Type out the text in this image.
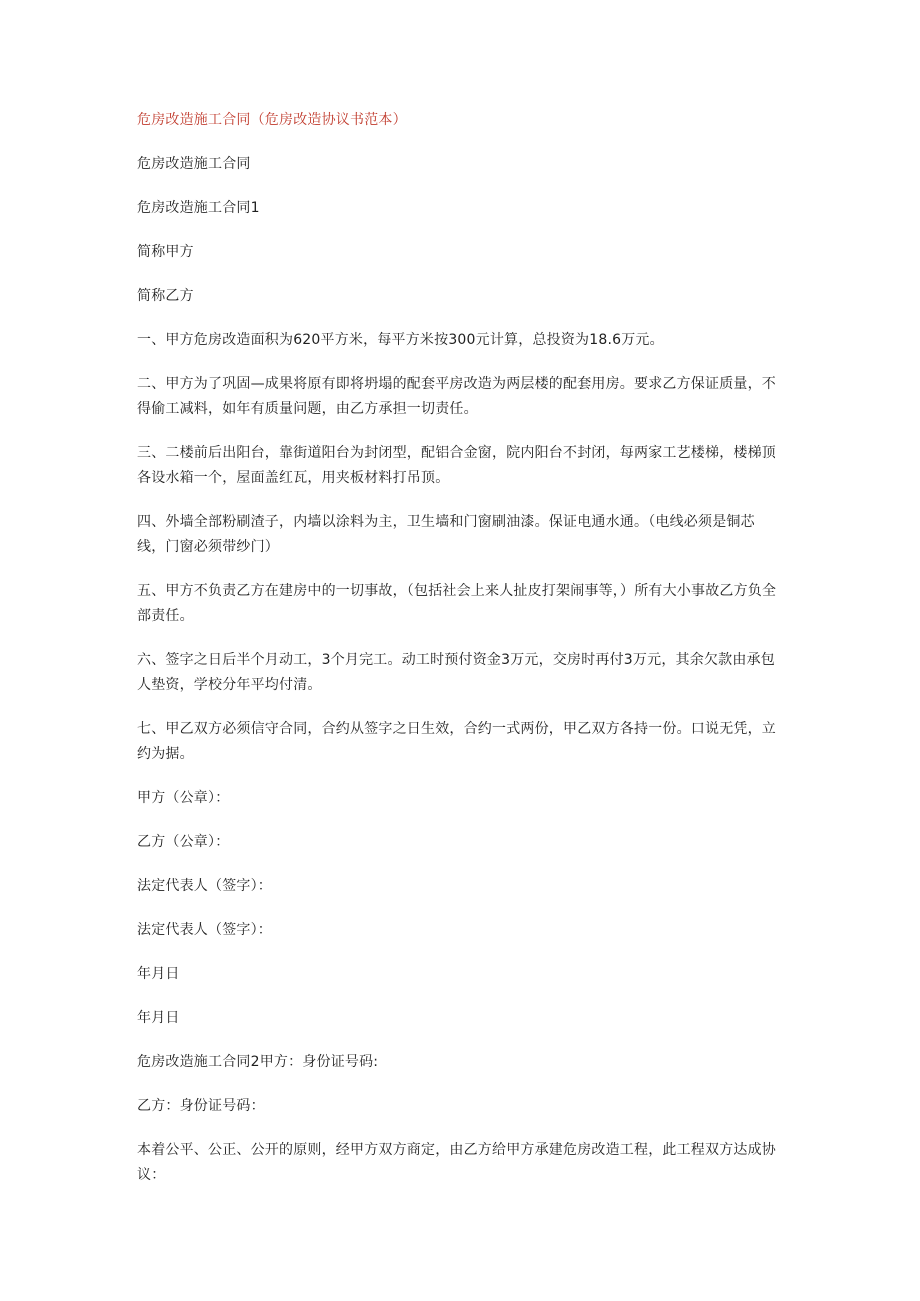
危房改造施工合同（危房改造协议书范本）

危房改造施工合同

危房改造施工合同1

简称甲方

简称乙方

一、甲方危房改造面积为620平方米，每平方米按300元计算，总投资为18.6万元。

二、甲方为了巩固—成果将原有即将坍塌的配套平房改造为两层楼的配套用房。要求乙方保证质量，不得偷工减料，如年有质量问题，由乙方承担一切责任。

三、二楼前后出阳台，靠街道阳台为封闭型，配铝合金窗，院内阳台不封闭，每两家工艺楼梯，楼梯顶各设水箱一个，屋面盖红瓦，用夹板材料打吊顶。

四、外墙全部粉刷渣子，内墙以涂料为主，卫生墙和门窗刷油漆。保证电通水通。（电线必须是铜芯线，门窗必须带纱门）

五、甲方不负责乙方在建房中的一切事故，（包括社会上来人扯皮打架闹事等，）所有大小事故乙方负全部责任。

六、签字之日后半个月动工，3个月完工。动工时预付资金3万元，交房时再付3万元，其余欠款由承包人垫资，学校分年平均付清。

七、甲乙双方必须信守合同，合约从签字之日生效，合约一式两份，甲乙双方各持一份。口说无凭，立约为据。

甲方（公章）：

乙方（公章）：

法定代表人（签字）：

法定代表人（签字）：

年月日

年月日

危房改造施工合同2甲方：身份证号码:

乙方：身份证号码：

本着公平、公正、公开的原则，经甲方双方商定，由乙方给甲方承建危房改造工程，此工程双方达成协议：
